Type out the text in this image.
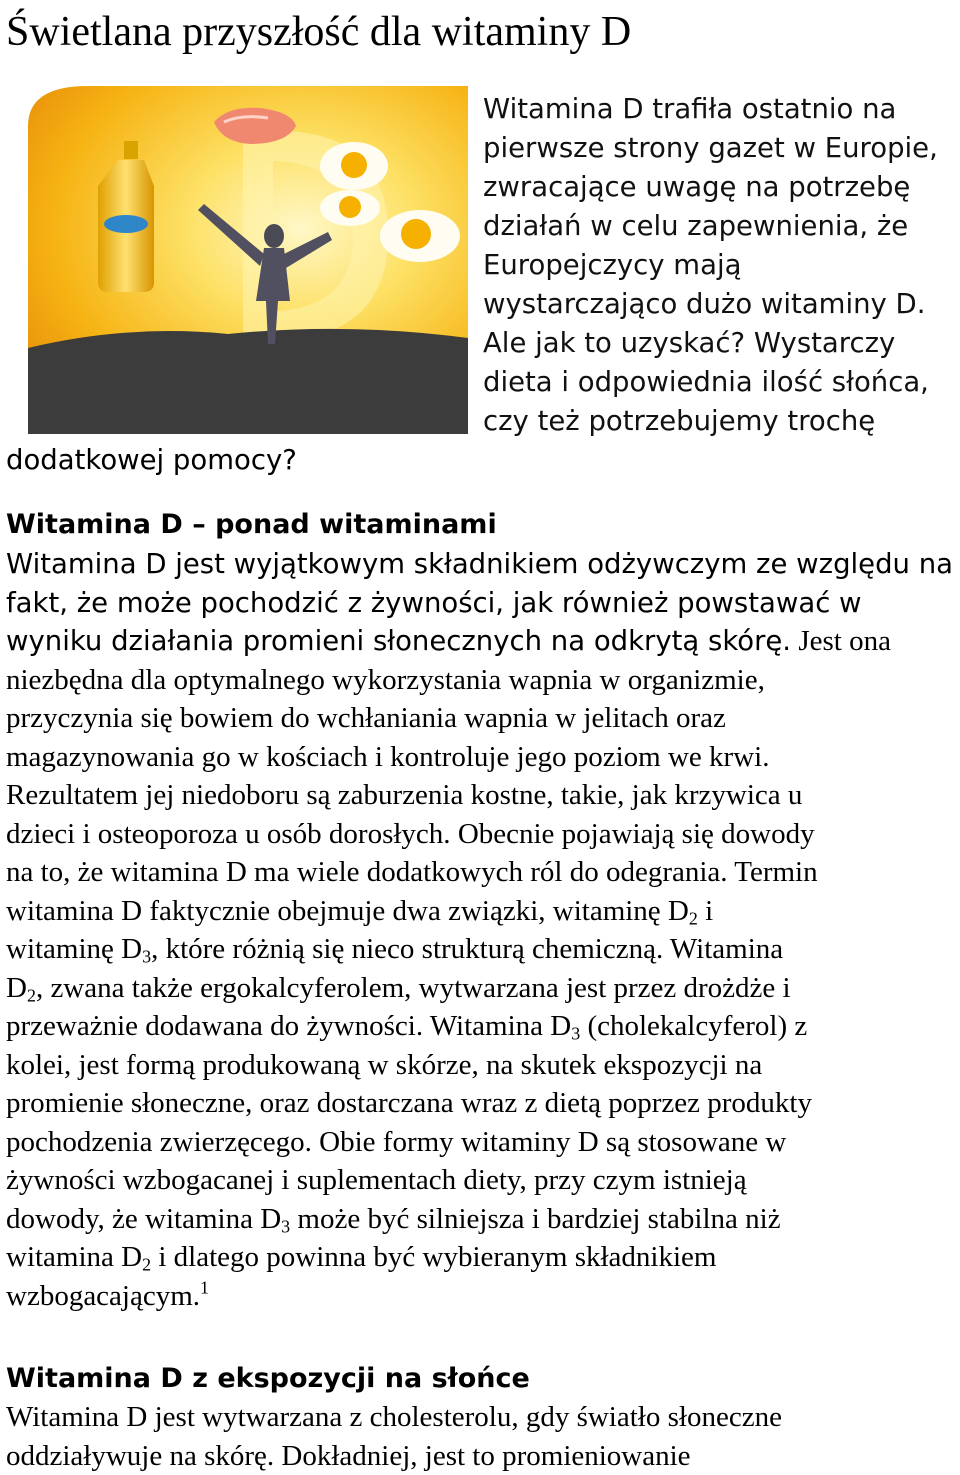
Świetlana przyszłość dla witaminy D
Witamina D trafiła ostatnio na
pierwsze strony gazet w Europie,
zwracające uwagę na potrzebę
działań w celu zapewnienia, że
Europejczycy mają
wystarczająco dużo witaminy D.
Ale jak to uzyskać? Wystarczy
dieta i odpowiednia ilość słońca,
czy też potrzebujemy trochę
dodatkowej pomocy?
Witamina D – ponad witaminami
Witamina D jest wyjątkowym składnikiem odżywczym ze względu na
fakt, że może pochodzić z żywności, jak również powstawać w
wyniku działania promieni słonecznych na odkrytą skórę. Jest ona
niezbędna dla optymalnego wykorzystania wapnia w organizmie,
przyczynia się bowiem do wchłaniania wapnia w jelitach oraz
magazynowania go w kościach i kontroluje jego poziom we krwi.
Rezultatem jej niedoboru są zaburzenia kostne, takie, jak krzywica u
dzieci i osteoporoza u osób dorosłych. Obecnie pojawiają się dowody
na to, że witamina D ma wiele dodatkowych ról do odegrania. Termin
witamina D faktycznie obejmuje dwa związki, witaminę $D_2$ i
witaminę $D_3$, które różnią się nieco strukturą chemiczną. Witamina
$D_2$, zwana także ergokalcyferolem, wytwarzana jest przez drożdże i
przeważnie dodawana do żywności. Witamina $D_3$ (cholekalcyferol) z
kolei, jest formą produkowaną w skórze, na skutek ekspozycji na
promienie słoneczne, oraz dostarczana wraz z dietą poprzez produkty
pochodzenia zwierzęcego. Obie formy witaminy D są stosowane w
żywności wzbogacanej i suplementach diety, przy czym istnieją
dowody, że witamina $D_3$ może być silniejsza i bardziej stabilna niż
witamina $D_2$ i dlatego powinna być wybieranym składnikiem
wzbogacającym.$^1$
Witamina D z ekspozycji na słońce
Witamina D jest wytwarzana z cholesterolu, gdy światło słoneczne
oddziaływuje na skórę. Dokładniej, jest to promieniowanie
